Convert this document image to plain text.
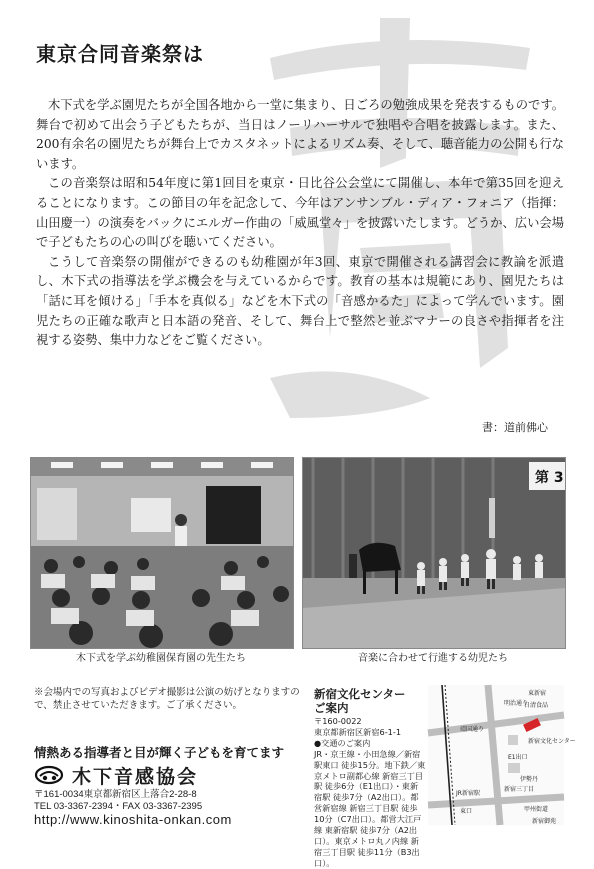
東京合同音楽祭は

木下式を学ぶ園児たちが全国各地から一堂に集まり、日ごろの勉強成果を発表するものです。舞台で初めて出会う子どもたちが、当日はノーリハーサルで独唱や合唱を披露します。また、200有余名の園児たちが舞台上でカスタネットによるリズム奏、そして、聴音能力の公開も行ないます。

この音楽祭は昭和54年度に第1回目を東京・日比谷公会堂にて開催し、本年で第35回を迎えることになります。この節目の年を記念して、今年はアンサンブル・ディア・フォニア（指揮：山田慶一）の演奏をバックにエルガー作曲の「威風堂々」を披露いたします。どうか、広い会場で子どもたちの心の叫びを聴いてください。

こうして音楽祭の開催ができるのも幼稚園が年3回、東京で開催される講習会に教論を派遣し、木下式の指導法を学ぶ機会を与えているからです。教育の基本は規範にあり、園児たちは「話に耳を傾ける」「手本を真似る」などを木下式の「音感かるた」によって学んでいます。園児たちの正確な歌声と日本語の発音、そして、舞台上で整然と並ぶマナーの良さや指揮者を注視する姿勢、集中力などをご覧ください。

書：道前佛心
第 3
木下式を学ぶ幼稚園保育園の先生たち	音楽に合わせて行進する幼児たち
※会場内での写真およびビデオ撮影は公演の妨げとなりますので、禁止させていただきます。ご了承ください。
情熱ある指導者と目が輝く子どもを育てます
木下音感協会
〒161-0034東京都新宿区上落合2-28-8
TEL 03-3367-2394・FAX 03-3367-2395
http://www.kinoshita-onkan.com
新宿文化センター
ご案内
〒160-0022
東京都新宿区新宿6-1-1
●交通のご案内
JR・京王線・小田急線／新宿駅東口 徒歩15分。地下鉄／東京メトロ副都心線 新宿三丁目駅 徒歩6分（E1出口）・東新宿駅 徒歩7分（A2出口）。都営新宿線 新宿三丁目駅 徒歩10分（C7出口）。都営大江戸線 東新宿駅 徒歩7分（A2出口）。東京メトロ丸ノ内線 新宿三丁目駅 徒歩11分（B3出口）。
新宿文化センター
JR新宿駅
靖国通り
明治通り
東口
E1出口
伊勢丹
日清食品
甲州街道
新宿三丁目
東新宿
新宿御苑
